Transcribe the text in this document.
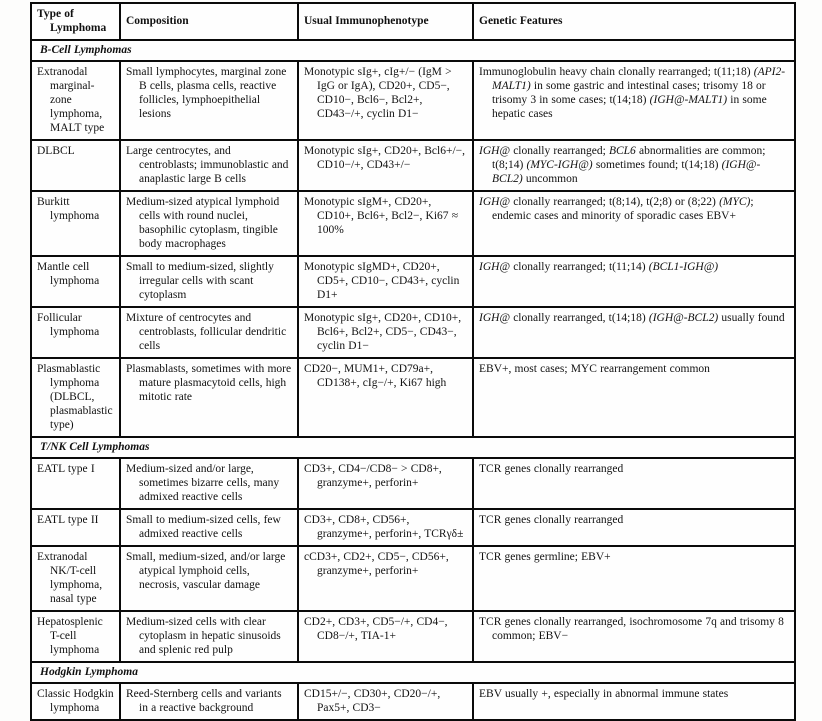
Type of Lymphoma	Composition	Usual Immunophenotype	Genetic Features
B-Cell Lymphomas			
Extranodal marginal-zone lymphoma, MALT type	Small lymphocytes, marginal zone B cells, plasma cells, reactive follicles, lymphoepithelial lesions	Monotypic sIg+, cIg+/− (IgM > IgG or IgA), CD20+, CD5−, CD10−, Bcl6−, Bcl2+, CD43−/+, cyclin D1−	Immunoglobulin heavy chain clonally rearranged; t(11;18) (API2-MALT1) in some gastric and intestinal cases; trisomy 18 or trisomy 3 in some cases; t(14;18) (IGH@-MALT1) in some hepatic cases
DLBCL	Large centrocytes, and centroblasts; immunoblastic and anaplastic large B cells	Monotypic sIg+, CD20+, Bcl6+/−, CD10−/+, CD43+/−	IGH@ clonally rearranged; BCL6 abnormalities are common; t(8;14) (MYC-IGH@) sometimes found; t(14;18) (IGH@-BCL2) uncommon
Burkitt lymphoma	Medium-sized atypical lymphoid cells with round nuclei, basophilic cytoplasm, tingible body macrophages	Monotypic sIgM+, CD20+, CD10+, Bcl6+, Bcl2−, Ki67 ≈ 100%	IGH@ clonally rearranged; t(8;14), t(2;8) or (8;22) (MYC); endemic cases and minority of sporadic cases EBV+
Mantle cell lymphoma	Small to medium-sized, slightly irregular cells with scant cytoplasm	Monotypic sIgMD+, CD20+, CD5+, CD10−, CD43+, cyclin D1+	IGH@ clonally rearranged; t(11;14) (BCL1-IGH@)
Follicular lymphoma	Mixture of centrocytes and centroblasts, follicular dendritic cells	Monotypic sIg+, CD20+, CD10+, Bcl6+, Bcl2+, CD5−, CD43−, cyclin D1−	IGH@ clonally rearranged, t(14;18) (IGH@-BCL2) usually found
Plasmablastic lymphoma (DLBCL, plasmablastic type)	Plasmablasts, sometimes with more mature plasmacytoid cells, high mitotic rate	CD20−, MUM1+, CD79a+, CD138+, cIg−/+, Ki67 high	EBV+, most cases; MYC rearrangement common
T/NK Cell Lymphomas			
EATL type I	Medium-sized and/or large, sometimes bizarre cells, many admixed reactive cells	CD3+, CD4−/CD8− > CD8+, granzyme+, perforin+	TCR genes clonally rearranged
EATL type II	Small to medium-sized cells, few admixed reactive cells	CD3+, CD8+, CD56+, granzyme+, perforin+, TCRγδ±	TCR genes clonally rearranged
Extranodal NK/T-cell lymphoma, nasal type	Small, medium-sized, and/or large atypical lymphoid cells, necrosis, vascular damage	cCD3+, CD2+, CD5−, CD56+, granzyme+, perforin+	TCR genes germline; EBV+
Hepatosplenic T-cell lymphoma	Medium-sized cells with clear cytoplasm in hepatic sinusoids and splenic red pulp	CD2+, CD3+, CD5−/+, CD4−, CD8−/+, TIA-1+	TCR genes clonally rearranged, isochromosome 7q and trisomy 8 common; EBV−
Hodgkin Lymphoma			
Classic Hodgkin lymphoma	Reed-Sternberg cells and variants in a reactive background	CD15+/−, CD30+, CD20−/+, Pax5+, CD3−	EBV usually +, especially in abnormal immune states
